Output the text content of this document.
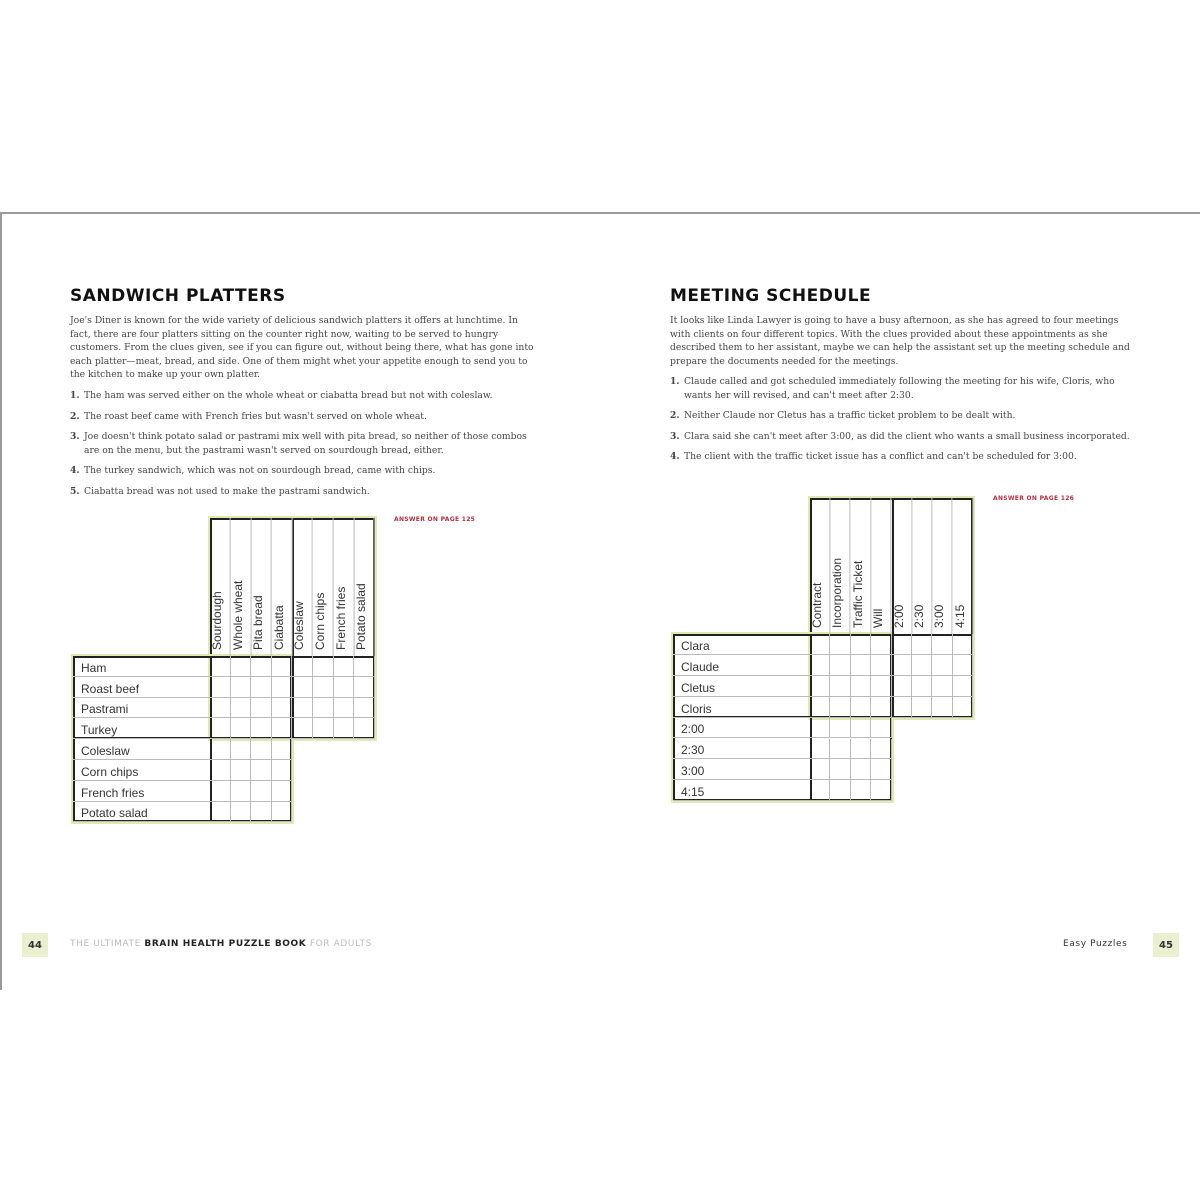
SANDWICH PLATTERS

Joe's Diner is known for the wide variety of delicious sandwich platters it offers at lunchtime. In fact, there are four platters sitting on the counter right now, waiting to be served to hungry customers. From the clues given, see if you can figure out, without being there, what has gone into each platter—meat, bread, and side. One of them might whet your appetite enough to send you to the kitchen to make up your own platter.

1. The ham was served either on the whole wheat or ciabatta bread but not with coleslaw.
2. The roast beef came with French fries but wasn't served on whole wheat.
3. Joe doesn't think potato salad or pastrami mix well with pita bread, so neither of those combos are on the menu, but the pastrami wasn't served on sourdough bread, either.
4. The turkey sandwich, which was not on sourdough bread, came with chips.
5. Ciabatta bread was not used to make the pastrami sandwich.
ANSWER ON PAGE 125
Sourdough Whole wheat Pita bread Ciabatta Coleslaw Corn chips French fries Potato salad
Ham
Roast beef
Pastrami
Turkey
Coleslaw
Corn chips
French fries
Potato salad
44	THE ULTIMATE BRAIN HEALTH PUZZLE BOOK FOR ADULTS
MEETING SCHEDULE

It looks like Linda Lawyer is going to have a busy afternoon, as she has agreed to four meetings with clients on four different topics. With the clues provided about these appointments as she described them to her assistant, maybe we can help the assistant set up the meeting schedule and prepare the documents needed for the meetings.

1. Claude called and got scheduled immediately following the meeting for his wife, Cloris, who wants her will revised, and can't meet after 2:30.
2. Neither Claude nor Cletus has a traffic ticket problem to be dealt with.
3. Clara said she can't meet after 3:00, as did the client who wants a small business incorporated.
4. The client with the traffic ticket issue has a conflict and can't be scheduled for 3:00.
ANSWER ON PAGE 126
Contract Incorporation Traffic Ticket Will 2:00 2:30 3:00 4:15
Clara
Claude
Cletus
Cloris
2:00
2:30
3:00
4:15
Easy Puzzles	45
